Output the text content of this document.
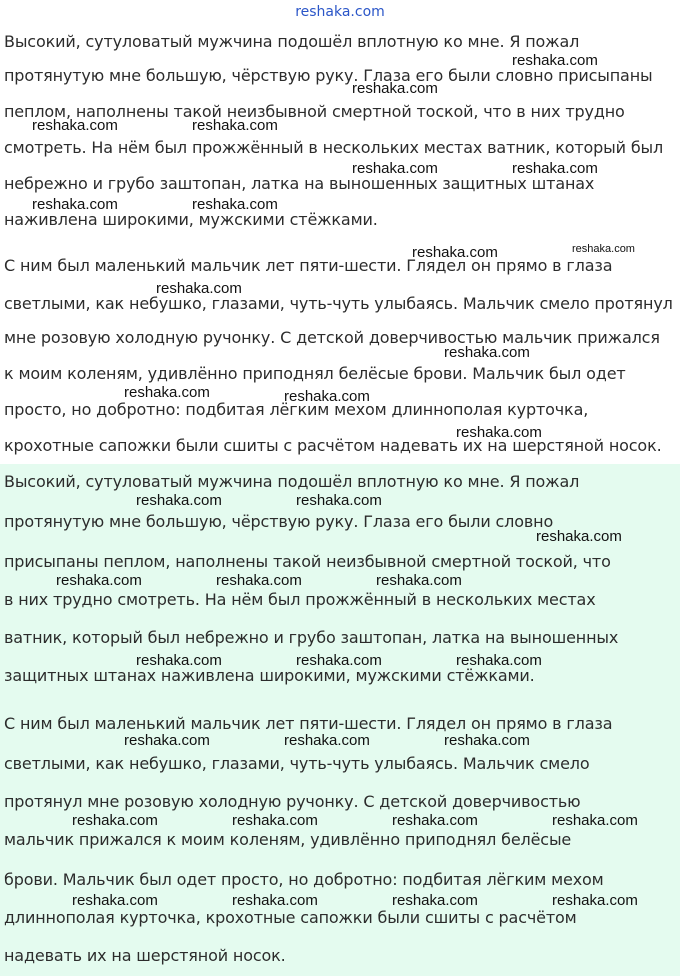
reshaka.com
Высокий, сутуловатый мужчина подошёл вплотную ко мне. Я пожал
протянутую мне большую, чёрствую руку. Глаза его были словно присыпаны
пеплом, наполнены такой неизбывной смертной тоской, что в них трудно
смотреть. На нём был прожжённый в нескольких местах ватник, который был
небрежно и грубо заштопан, латка на выношенных защитных штанах
наживлена широкими, мужскими стёжками.
С ним был маленький мальчик лет пяти-шести. Глядел он прямо в глаза
светлыми, как небушко, глазами, чуть-чуть улыбаясь. Мальчик смело протянул
мне розовую холодную ручонку. С детской доверчивостью мальчик прижался
к моим коленям, удивлённо приподнял белёсые брови. Мальчик был одет
просто, но добротно: подбитая лёгким мехом длиннополая курточка,
крохотные сапожки были сшиты с расчётом надевать их на шерстяной носок.
Высокий, сутуловатый мужчина подошёл вплотную ко мне. Я пожал
протянутую мне большую, чёрствую руку. Глаза его были словно
присыпаны пеплом, наполнены такой неизбывной смертной тоской, что
в них трудно смотреть. На нём был прожжённый в нескольких местах
ватник, который был небрежно и грубо заштопан, латка на выношенных
защитных штанах наживлена широкими, мужскими стёжками.
С ним был маленький мальчик лет пяти-шести. Глядел он прямо в глаза
светлыми, как небушко, глазами, чуть-чуть улыбаясь. Мальчик смело
протянул мне розовую холодную ручонку. С детской доверчивостью
мальчик прижался к моим коленям, удивлённо приподнял белёсые
брови. Мальчик был одет просто, но добротно: подбитая лёгким мехом
длиннополая курточка, крохотные сапожки были сшиты с расчётом
надевать их на шерстяной носок.
reshaka.com
reshaka.com
reshaka.com	reshaka.com
reshaka.com	reshaka.com
reshaka.com	reshaka.com
reshaka.com	reshaka.com
reshaka.com
reshaka.com
reshaka.com	reshaka.com
reshaka.com
reshaka.com	reshaka.com
reshaka.com
reshaka.com	reshaka.com	reshaka.com
reshaka.com	reshaka.com	reshaka.com
reshaka.com	reshaka.com	reshaka.com
reshaka.com	reshaka.com	reshaka.com	reshaka.com
reshaka.com	reshaka.com	reshaka.com	reshaka.com
